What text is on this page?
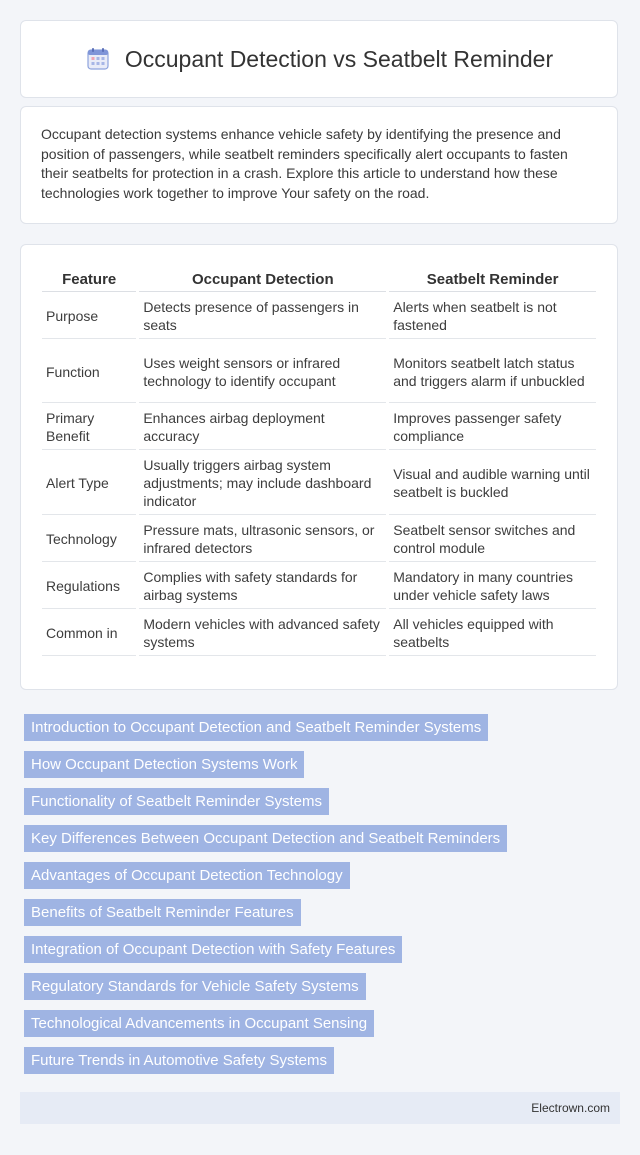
Occupant Detection vs Seatbelt Reminder

Occupant detection systems enhance vehicle safety by identifying the presence and position of passengers, while seatbelt reminders specifically alert occupants to fasten their seatbelts for protection in a crash. Explore this article to understand how these technologies work together to improve Your safety on the road.

Feature	Occupant Detection	Seatbelt Reminder
Purpose	Detects presence of passengers in seats	Alerts when seatbelt is not fastened
Function	Uses weight sensors or infrared technology to identify occupant	Monitors seatbelt latch status and triggers alarm if unbuckled
Primary Benefit	Enhances airbag deployment accuracy	Improves passenger safety compliance
Alert Type	Usually triggers airbag system adjustments; may include dashboard indicator	Visual and audible warning until seatbelt is buckled
Technology	Pressure mats, ultrasonic sensors, or infrared detectors	Seatbelt sensor switches and control module
Regulations	Complies with safety standards for airbag systems	Mandatory in many countries under vehicle safety laws
Common in	Modern vehicles with advanced safety systems	All vehicles equipped with seatbelts
Introduction to Occupant Detection and Seatbelt Reminder Systems
How Occupant Detection Systems Work
Functionality of Seatbelt Reminder Systems
Key Differences Between Occupant Detection and Seatbelt Reminders
Advantages of Occupant Detection Technology
Benefits of Seatbelt Reminder Features
Integration of Occupant Detection with Safety Features
Regulatory Standards for Vehicle Safety Systems
Technological Advancements in Occupant Sensing
Future Trends in Automotive Safety Systems
Electrown.com
